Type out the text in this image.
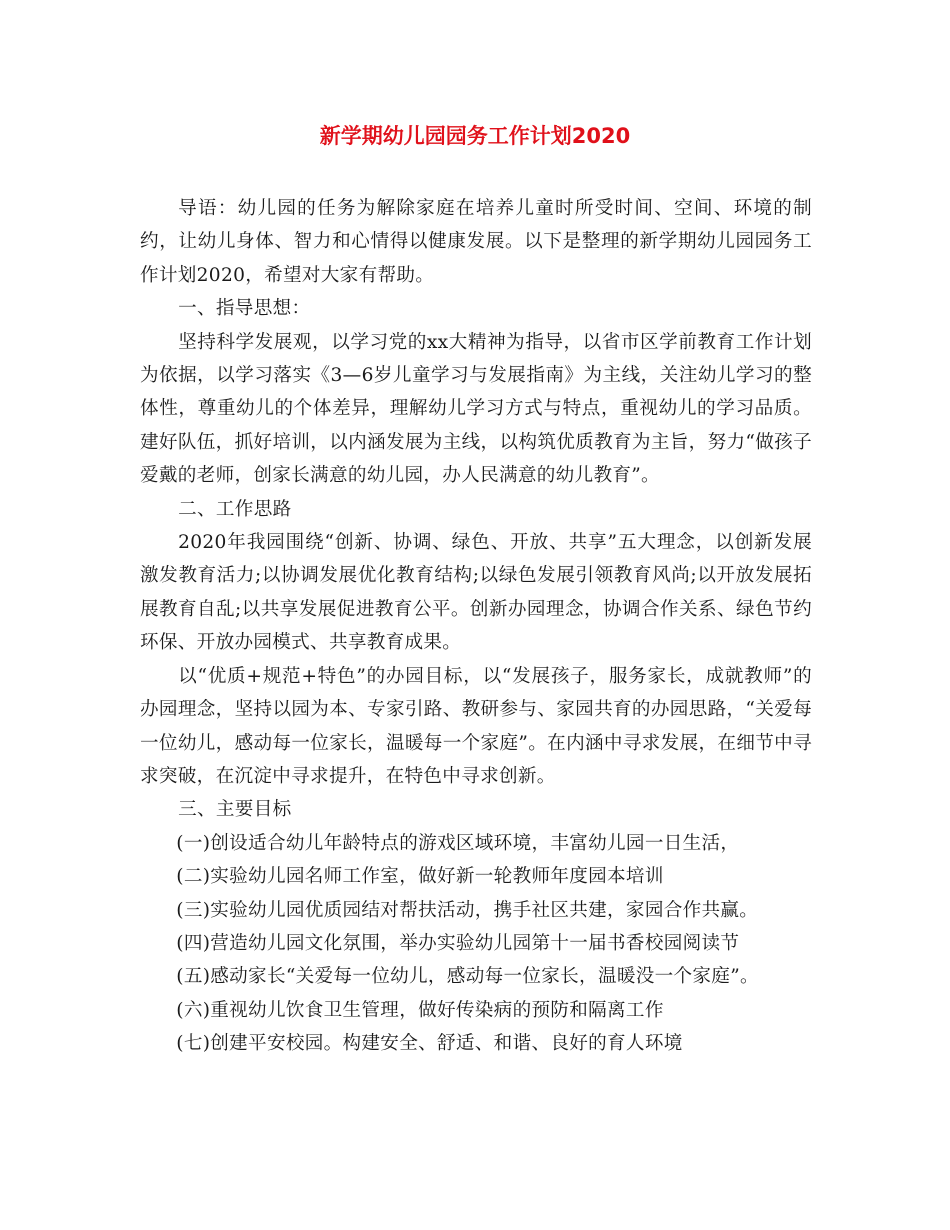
新学期幼儿园园务工作计划2020

导语：幼儿园的任务为解除家庭在培养儿童时所受时间、空间、环境的制约，让幼儿身体、智力和心情得以健康发展。以下是整理的新学期幼儿园园务工作计划2020，希望对大家有帮助。

一、指导思想：

坚持科学发展观，以学习党的xx大精神为指导，以省市区学前教育工作计划为依据，以学习落实《3—6岁儿童学习与发展指南》为主线，关注幼儿学习的整体性，尊重幼儿的个体差异，理解幼儿学习方式与特点，重视幼儿的学习品质。建好队伍，抓好培训，以内涵发展为主线，以构筑优质教育为主旨，努力“做孩子爱戴的老师，创家长满意的幼儿园，办人民满意的幼儿教育”。

二、工作思路

2020年我园围绕“创新、协调、绿色、开放、共享”五大理念，以创新发展激发教育活力;以协调发展优化教育结构;以绿色发展引领教育风尚;以开放发展拓展教育自乱;以共享发展促进教育公平。创新办园理念，协调合作关系、绿色节约环保、开放办园模式、共享教育成果。

以“优质+规范+特色”的办园目标，以“发展孩子，服务家长，成就教师”的办园理念，坚持以园为本、专家引路、教研参与、家园共育的办园思路，“关爱每一位幼儿，感动每一位家长，温暖每一个家庭”。在内涵中寻求发展，在细节中寻求突破，在沉淀中寻求提升，在特色中寻求创新。

三、主要目标

(一)创设适合幼儿年龄特点的游戏区域环境，丰富幼儿园一日生活，

(二)实验幼儿园名师工作室，做好新一轮教师年度园本培训

(三)实验幼儿园优质园结对帮扶活动，携手社区共建，家园合作共赢。

(四)营造幼儿园文化氛围，举办实验幼儿园第十一届书香校园阅读节

(五)感动家长“关爱每一位幼儿，感动每一位家长，温暖没一个家庭”。

(六)重视幼儿饮食卫生管理，做好传染病的预防和隔离工作

(七)创建平安校园。构建安全、舒适、和谐、良好的育人环境
